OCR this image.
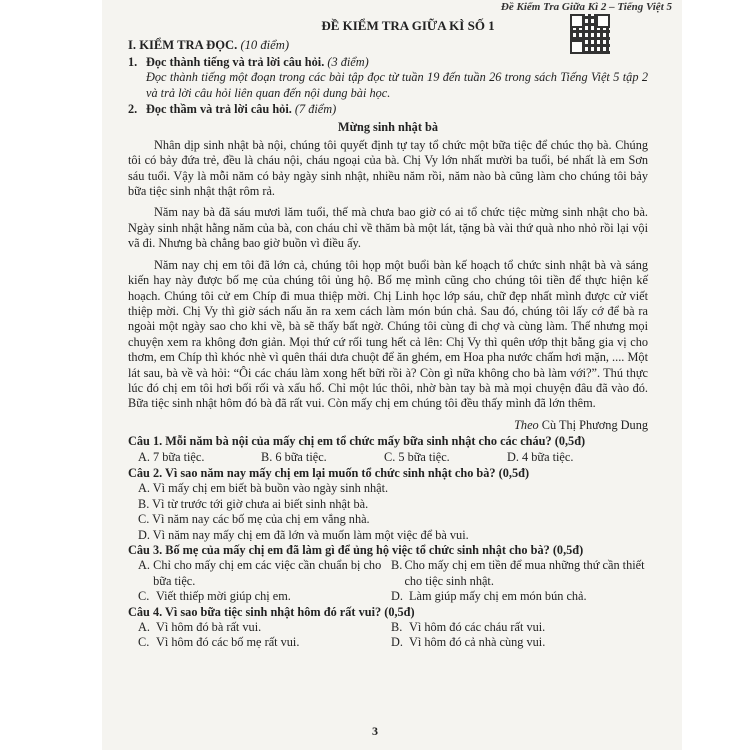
Đề Kiểm Tra Giữa Kì 2 – Tiếng Việt 5
ĐỀ KIỂM TRA GIỮA KÌ SỐ 1
I. KIỂM TRA ĐỌC. (10 điểm)
1. Đọc thành tiếng và trả lời câu hỏi. (3 điểm)
Đọc thành tiếng một đoạn trong các bài tập đọc từ tuần 19 đến tuần 26 trong sách Tiếng Việt 5 tập 2 và trả lời câu hỏi liên quan đến nội dung bài học.
2. Đọc thầm và trả lời câu hỏi. (7 điểm)
Mừng sinh nhật bà

Nhân dịp sinh nhật bà nội, chúng tôi quyết định tự tay tổ chức một bữa tiệc để chúc thọ bà. Chúng tôi có bảy đứa trẻ, đều là cháu nội, cháu ngoại của bà. Chị Vy lớn nhất mười ba tuổi, bé nhất là em Sơn sáu tuổi. Vậy là mỗi năm có bảy ngày sinh nhật, nhiều năm rồi, năm nào bà cũng làm cho chúng tôi bảy bữa tiệc sinh nhật thật rôm rả.

Năm nay bà đã sáu mươi lăm tuổi, thế mà chưa bao giờ có ai tổ chức tiệc mừng sinh nhật cho bà. Ngày sinh nhật hằng năm của bà, con cháu chỉ về thăm bà một lát, tặng bà vài thứ quà nho nhỏ rồi lại vội vã đi. Nhưng bà chẳng bao giờ buồn vì điều ấy.

Năm nay chị em tôi đã lớn cả, chúng tôi họp một buổi bàn kế hoạch tổ chức sinh nhật bà và sáng kiến hay này được bố mẹ của chúng tôi ủng hộ. Bố mẹ mình cũng cho chúng tôi tiền để thực hiện kế hoạch. Chúng tôi cử em Chíp đi mua thiệp mời. Chị Linh học lớp sáu, chữ đẹp nhất mình được cử viết thiệp mời. Chị Vy thì giờ sách nấu ăn ra xem cách làm món bún chả. Sau đó, chúng tôi lấy cớ để bà ra ngoài một ngày sao cho khi về, bà sẽ thấy bất ngờ. Chúng tôi cùng đi chợ và cùng làm. Thế nhưng mọi chuyện xem ra không đơn giản. Mọi thứ cứ rối tung hết cả lên: Chị Vy thì quên ướp thịt bằng gia vị cho thơm, em Chíp thì khóc nhè vì quên thái dưa chuột để ăn ghém, em Hoa pha nước chấm hơi mặn, .... Một lát sau, bà về và hỏi: “Ôi các cháu làm xong hết bữi rồi à? Còn gì nữa không cho bà làm với?”. Thú thực lúc đó chị em tôi hơi bối rối và xấu hổ. Chỉ một lúc thôi, nhờ bàn tay bà mà mọi chuyện đâu đã vào đó. Bữa tiệc sinh nhật hôm đó bà đã rất vui. Còn mấy chị em chúng tôi đều thấy mình đã lớn thêm.

Theo Cù Thị Phương Dung
Câu 1. Mỗi năm bà nội của mấy chị em tổ chức mấy bữa sinh nhật cho các cháu? (0,5đ)
A. 7 bữa tiệc.	B. 6 bữa tiệc.	C. 5 bữa tiệc.	D. 4 bữa tiệc.
Câu 2. Vì sao năm nay mấy chị em lại muốn tổ chức sinh nhật cho bà? (0,5đ)
A. Vì mấy chị em biết bà buồn vào ngày sinh nhật.
B. Vì từ trước tới giờ chưa ai biết sinh nhật bà.
C. Vì năm nay các bố mẹ của chị em vắng nhà.
D. Vì năm nay mấy chị em đã lớn và muốn làm một việc để bà vui.
Câu 3. Bố mẹ của mấy chị em đã làm gì để ủng hộ việc tổ chức sinh nhật cho bà? (0,5đ)
A. Chỉ cho mấy chị em các việc cần chuẩn bị cho bữa tiệc.
B. Cho mấy chị em tiền để mua những thứ cần thiết cho tiệc sinh nhật.
C. Viết thiếp mời giúp chị em.	D. Làm giúp mấy chị em món bún chả.
Câu 4. Vì sao bữa tiệc sinh nhật hôm đó rất vui? (0,5đ)
A. Vì hôm đó bà rất vui.	B. Vì hôm đó các cháu rất vui.
C. Vì hôm đó các bố mẹ rất vui.	D. Vì hôm đó cả nhà cùng vui.
3
